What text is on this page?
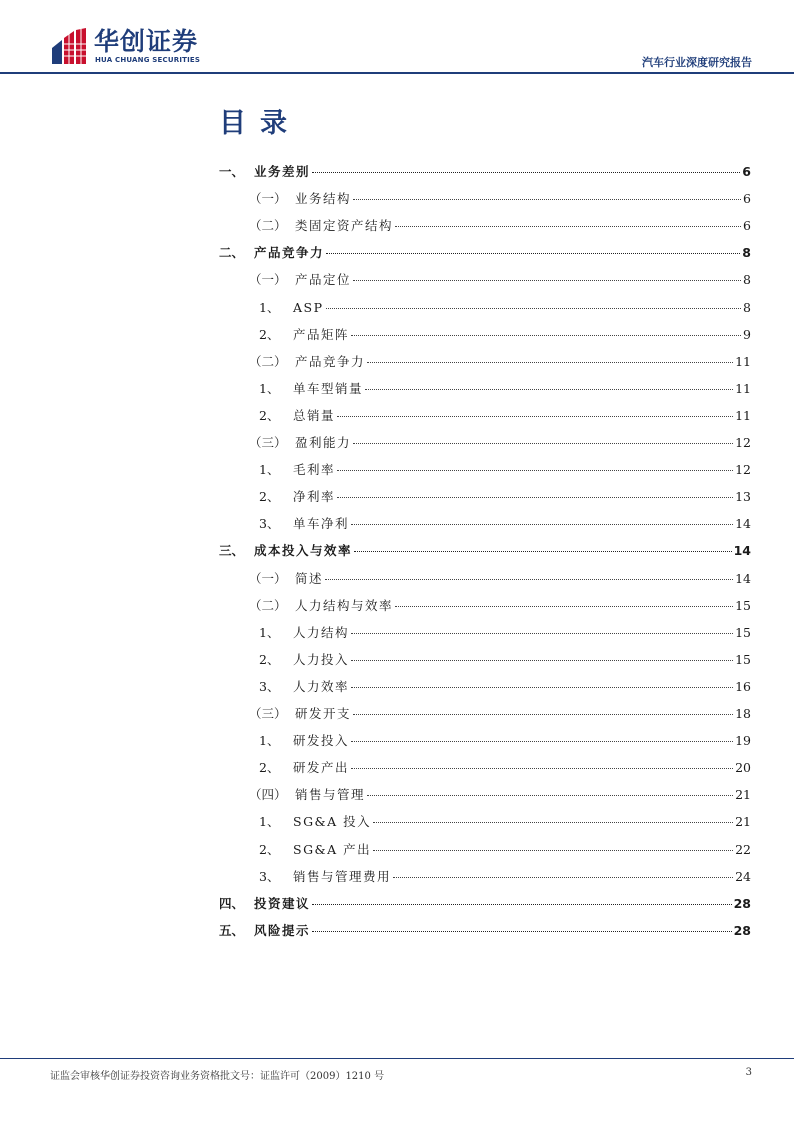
华创证券
HUA CHUANG SECURITIES	汽车行业深度研究报告
目录
一、 业务差别	6
（一） 业务结构	6
（二） 类固定资产结构	6
二、 产品竞争力	8
（一） 产品定位	8
1、	ASP	8
2、	产品矩阵	9
（二） 产品竞争力	11
1、	单车型销量	11
2、	总销量	11
（三） 盈利能力	12
1、	毛利率	12
2、	净利率	13
3、	单车净利	14
三、 成本投入与效率	14
（一） 简述	14
（二） 人力结构与效率	15
1、	人力结构	15
2、	人力投入	15
3、	人力效率	16
（三） 研发开支	18
1、	研发投入	19
2、	研发产出	20
（四） 销售与管理	21
1、	SG&A 投入	21
2、	SG&A 产出	22
3、	销售与管理费用	24
四、 投资建议	28
五、 风险提示	28
证监会审核华创证券投资咨询业务资格批文号：证监许可（2009）1210 号	3
